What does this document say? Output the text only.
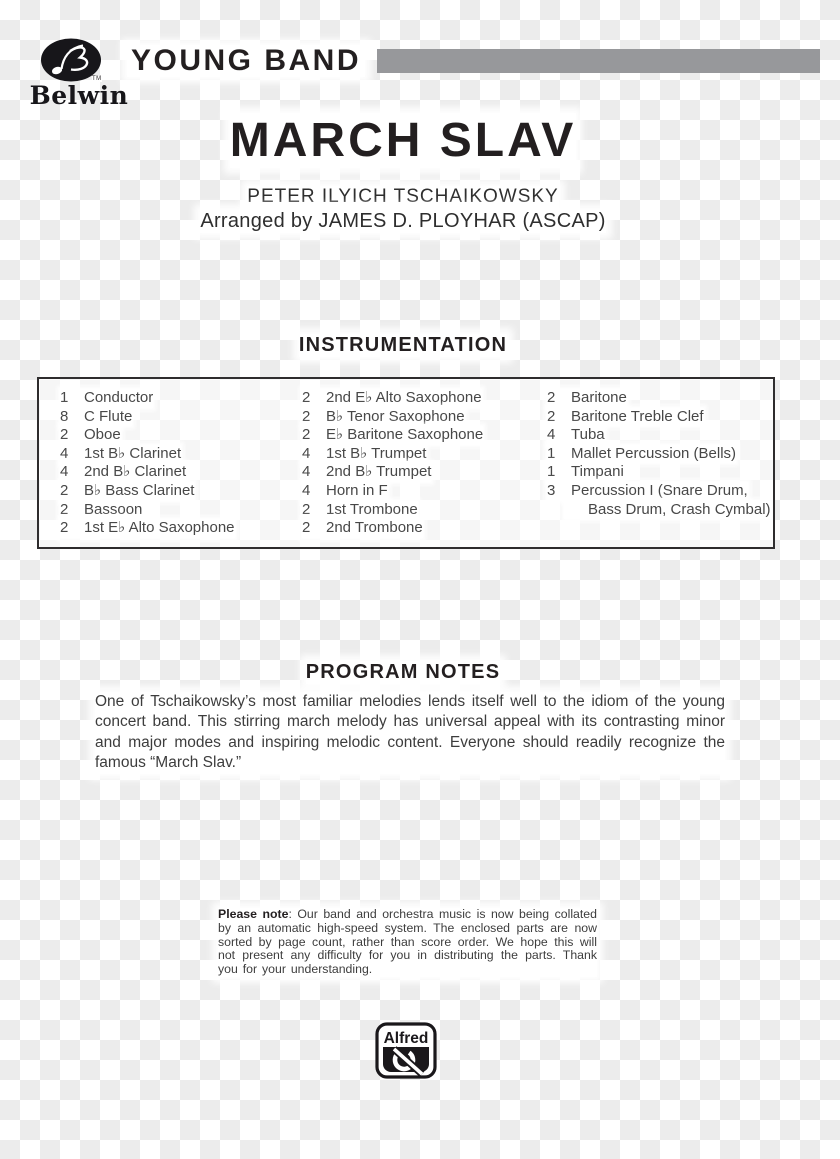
TM
Belwin
YOUNG BAND
MARCH SLAV
PETER ILYICH TSCHAIKOWSKY
Arranged by JAMES D. PLOYHAR (ASCAP)
INSTRUMENTATION
1	Conductor
8	C Flute
2	Oboe
4	1st B♭ Clarinet
4	2nd B♭ Clarinet
2	B♭ Bass Clarinet
2	Bassoon
2	1st E♭ Alto Saxophone
2	2nd E♭ Alto Saxophone
2	B♭ Tenor Saxophone
2	E♭ Baritone Saxophone
4	1st B♭ Trumpet
4	2nd B♭ Trumpet
4	Horn in F
2	1st Trombone
2	2nd Trombone
2	Baritone
2	Baritone Treble Clef
4	Tuba
1	Mallet Percussion (Bells)
1	Timpani
3	Percussion I (Snare Drum,
Bass Drum, Crash Cymbal)
PROGRAM NOTES
One of Tschaikowsky’s most familiar melodies lends itself well to the idiom of the young concert band. This stirring march melody has universal appeal with its contrasting minor and major modes and inspiring melodic content. Everyone should readily recognize the famous “March Slav.”
Please note: Our band and orchestra music is now being collated by an automatic high-speed system. The enclosed parts are now sorted by page count, rather than score order. We hope this will not present any difficulty for you in distributing the parts. Thank you for your understanding.
Alfred
